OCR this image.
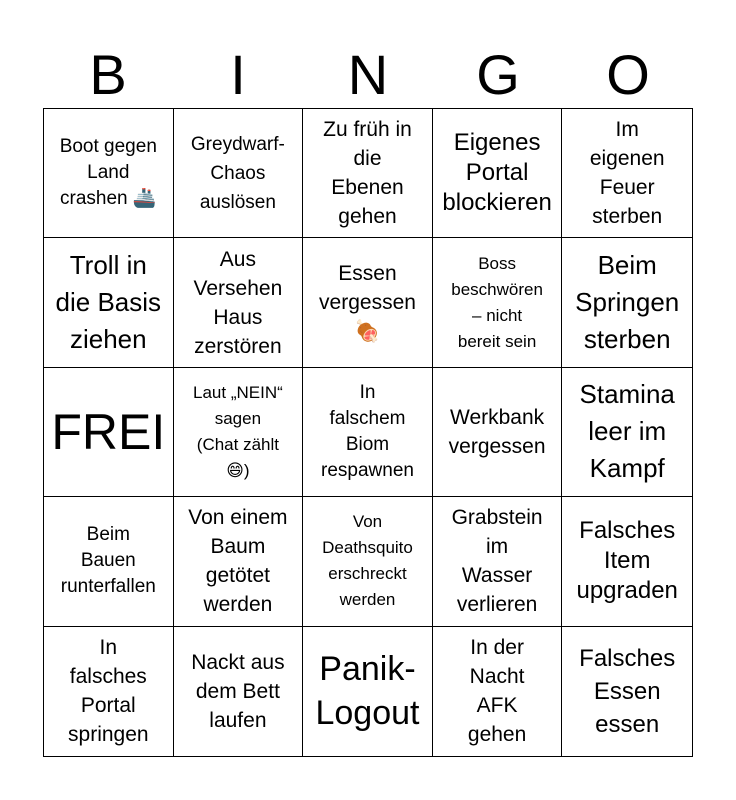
B	I	N	G	O
Boot gegen
Land
crashen 🚢
Greydwarf-
Chaos
auslösen
Zu früh in
die
Ebenen
gehen
Eigenes
Portal
blockieren
Im
eigenen
Feuer
sterben
Troll in
die Basis
ziehen
Aus
Versehen
Haus
zerstören
Essen
vergessen
🍖
Boss
beschwören
– nicht
bereit sein
Beim
Springen
sterben
FREI
Laut „NEIN“
sagen
(Chat zählt
😄)
In
falschem
Biom
respawnen
Werkbank
vergessen
Stamina
leer im
Kampf
Beim
Bauen
runterfallen
Von einem
Baum
getötet
werden
Von
Deathsquito
erschreckt
werden
Grabstein
im
Wasser
verlieren
Falsches
Item
upgraden
In
falsches
Portal
springen
Nackt aus
dem Bett
laufen
Panik-
Logout
In der
Nacht
AFK
gehen
Falsches
Essen
essen
